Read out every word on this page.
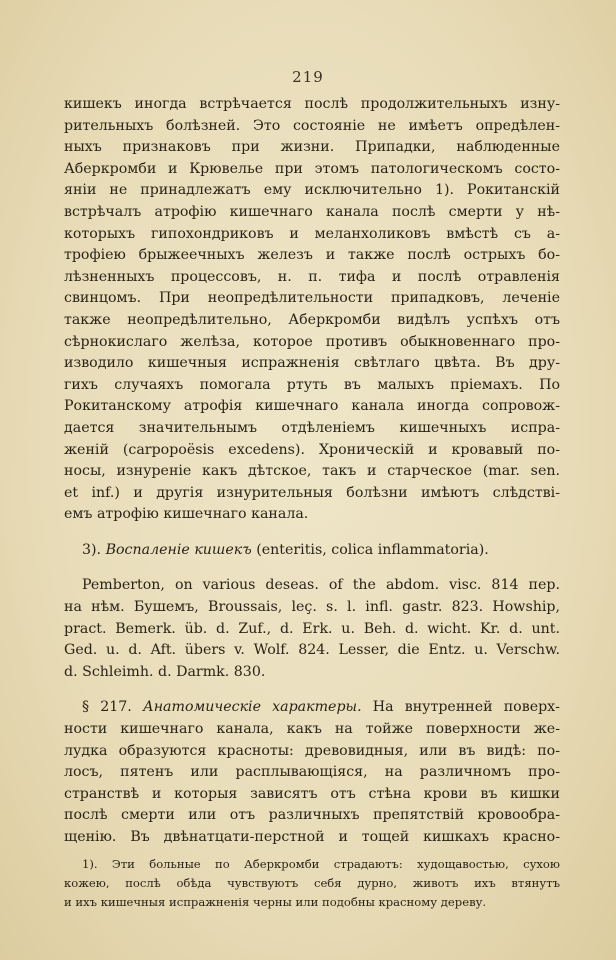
219
кишекъ иногда встрѣчается послѣ продолжительныхъ изну-
рительныхъ болѣзней. Это состоянie не имѣетъ опредѣлен-
ныхъ признаковъ при жизни. Припадки, наблюденные
Аберкромби и Крювелье при этомъ патологическомъ состо-
янiи не принадлежатъ ему исключительно 1). Рокитанскiй
встрѣчалъ атрофiю кишечнаго канала послѣ смерти у нѣ-
которыхъ гипохондриковъ и меланхоликовъ вмѣстѣ съ а-
трофiею брыжеечныхъ железъ и также послѣ острыхъ бо-
лѣзненныхъ процессовъ, н. п. тифа и послѣ отравленiя
свинцомъ. При неопредѣлительности припадковъ, леченie
также неопредѣлительно, Аберкромби видѣлъ успѣхъ отъ
сѣрнокислаго желѣза, которое противъ обыкновеннаго про-
изводило кишечныя испражненiя свѣтлаго цвѣта. Въ дру-
гихъ случаяхъ помогала ртуть въ малыхъ прiемахъ. По
Рокитанскому атрофiя кишечнаго канала иногда сопровож-
дается значительнымъ отдѣленiемъ кишечныхъ испра-
женiй (carpорoësis excedens). Хроническiй и кровавый по-
носы, изнуренie какъ дѣтское, такъ и старческое (mar. sen.
et inf.) и другiя изнурительныя болѣзни имѣютъ слѣдствi-
емъ атрофiю кишечнаго канала.
3). Воспаленiе кишекъ (enteritis, colica inflammatoria).
Pemberton, on various deseas. of the abdom. visc. 814 пер.
на нѣм. Бушемъ, Broussais, leç. s. l. infl. gastr. 823. Howship,
pract. Bemerk. üb. d. Zuf., d. Erk. u. Beh. d. wicht. Kr. d. unt.
Ged. u. d. Aft. übers v. Wolf. 824. Lesser, die Entz. u. Verschw.
d. Schleimh. d. Darmk. 830.
§ 217. Анатомическiе характеры. На внутренней поверх-
ности кишечнаго канала, какъ на тойже поверхности же-
лудка образуются красноты: древовидныя, или въ видѣ: по-
лосъ, пятенъ или расплывающiяся, на различномъ про-
странствѣ и которыя зависятъ отъ стѣна крови въ кишки
послѣ смерти или отъ различныхъ препятствiй кровообра-
щенiю. Въ двѣнатцати-перстной и тощей кишкахъ красно-
1). Эти больные по Аберкромби страдаютъ: худощавостью, сухою
кожею, послѣ обѣда чувствуютъ себя дурно, животъ ихъ втянутъ
и ихъ кишечныя испражненiя черны или подобны красному дереву.
